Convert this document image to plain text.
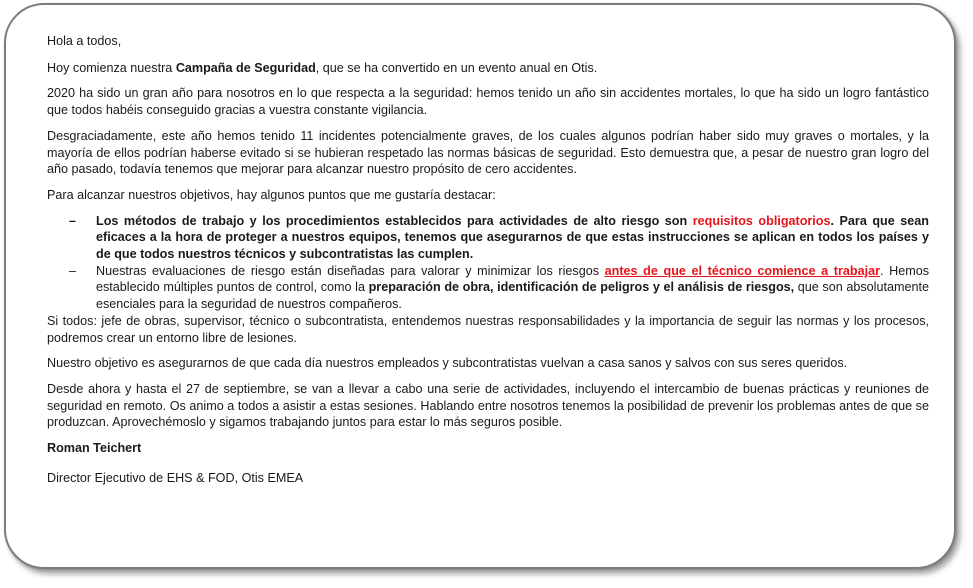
Hola a todos,

Hoy comienza nuestra Campaña de Seguridad, que se ha convertido en un evento anual en Otis.

2020 ha sido un gran año para nosotros en lo que respecta a la seguridad: hemos tenido un año sin accidentes mortales, lo que ha sido un logro fantástico que todos habéis conseguido gracias a vuestra constante vigilancia.

Desgraciadamente, este año hemos tenido 11 incidentes potencialmente graves, de los cuales algunos podrían haber sido muy graves o mortales, y la mayoría de ellos podrían haberse evitado si se hubieran respetado las normas básicas de seguridad. Esto demuestra que, a pesar de nuestro gran logro del año pasado, todavía tenemos que mejorar para alcanzar nuestro propósito de cero accidentes.

Para alcanzar nuestros objetivos, hay algunos puntos que me gustaría destacar:

– Los métodos de trabajo y los procedimientos establecidos para actividades de alto riesgo son requisitos obligatorios. Para que sean eficaces a la hora de proteger a nuestros equipos, tenemos que asegurarnos de que estas instrucciones se aplican en todos los países y de que todos nuestros técnicos y subcontratistas las cumplen.
– Nuestras evaluaciones de riesgo están diseñadas para valorar y minimizar los riesgos antes de que el técnico comience a trabajar. Hemos establecido múltiples puntos de control, como la preparación de obra, identificación de peligros y el análisis de riesgos, que son absolutamente esenciales para la seguridad de nuestros compañeros.

Si todos: jefe de obras, supervisor, técnico o subcontratista, entendemos nuestras responsabilidades y la importancia de seguir las normas y los procesos, podremos crear un entorno libre de lesiones.

Nuestro objetivo es asegurarnos de que cada día nuestros empleados y subcontratistas vuelvan a casa sanos y salvos con sus seres queridos.

Desde ahora y hasta el 27 de septiembre, se van a llevar a cabo una serie de actividades, incluyendo el intercambio de buenas prácticas y reuniones de seguridad en remoto. Os animo a todos a asistir a estas sesiones. Hablando entre nosotros tenemos la posibilidad de prevenir los problemas antes de que se produzcan. Aprovechémoslo y sigamos trabajando juntos para estar lo más seguros posible.

Roman Teichert

Director Ejecutivo de EHS & FOD, Otis EMEA
